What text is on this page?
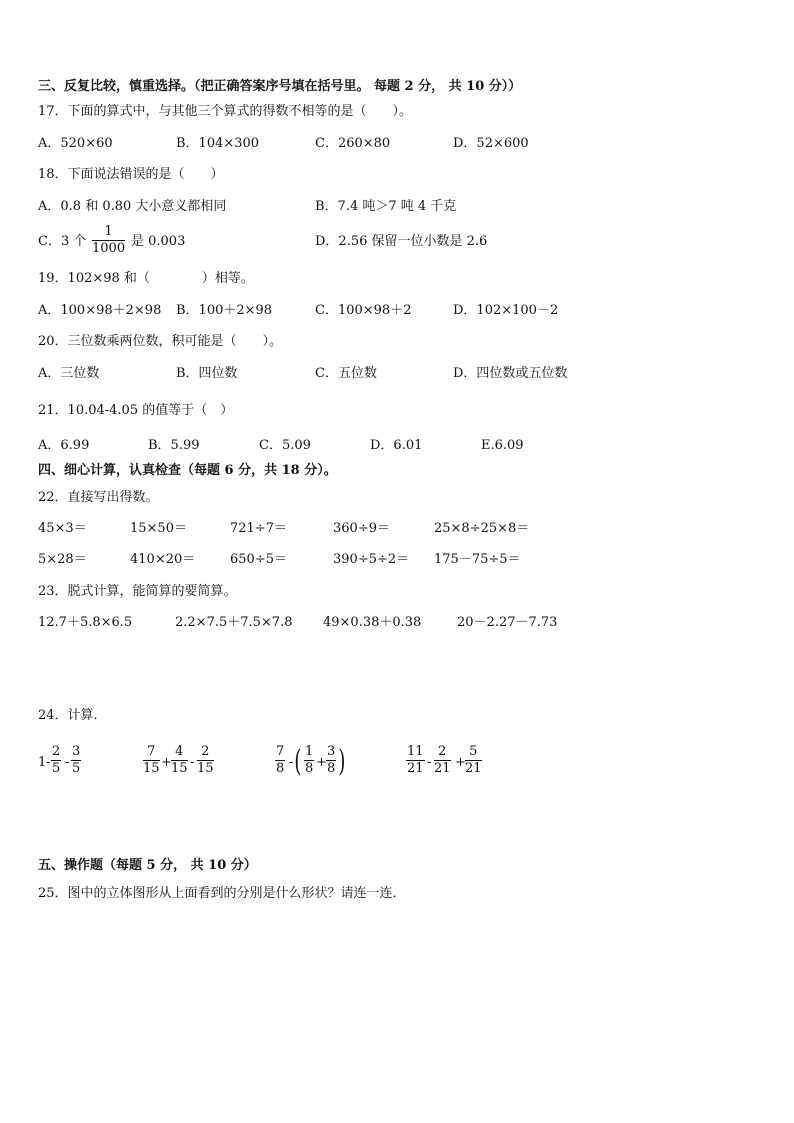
三、反复比较，慎重选择。（把正确答案序号填在括号里。 每题 2 分， 共 10 分））
17．下面的算式中，与其他三个算式的得数不相等的是（　　）。
A．520×60	B．104×300	C．260×80	D．52×600
18．下面说法错误的是（　　）
A．0.8 和 0.80 大小意义都相同	B．7.4 吨＞7 吨 4 千克
C．3 个 $\frac{1}{1000}$ 是 0.003	D．2.56 保留一位小数是 2.6
19．102×98 和（　　　　）相等。
A．100×98＋2×98 B．100＋2×98	C．100×98＋2	D．102×100－2
20．三位数乘两位数，积可能是（　　）。
A．三位数	B．四位数	C．五位数	D．四位数或五位数
21．10.04-4.05 的值等于（　）
A．6.99	B．5.99	C．5.09	D．6.01	E.6.09
四、细心计算，认真检查（每题 6 分，共 18 分）。
22．直接写出得数。
45×3＝	15×50＝	721÷7＝	360÷9＝	25×8÷25×8＝
5×28＝	410×20＝	650÷5＝	390÷5÷2＝ 175－75÷5＝
23．脱式计算，能简算的要简算。
12.7＋5.8×6.5	2.2×7.5＋7.5×7.8 49×0.38＋0.38	20－2.27－7.73
24．计算．
$1 - \frac{2}{5} - \frac{3}{5}$	$\frac{7}{15} + \frac{4}{15} - \frac{2}{15}$	$\frac{7}{8}$ - ( $\frac{1}{8} + \frac{3}{8}$ )	$\frac{11}{21} - \frac{2}{21} + \frac{5}{21}$
五、操作题（每题 5 分， 共 10 分）
25．图中的立体图形从上面看到的分别是什么形状？请连一连．
